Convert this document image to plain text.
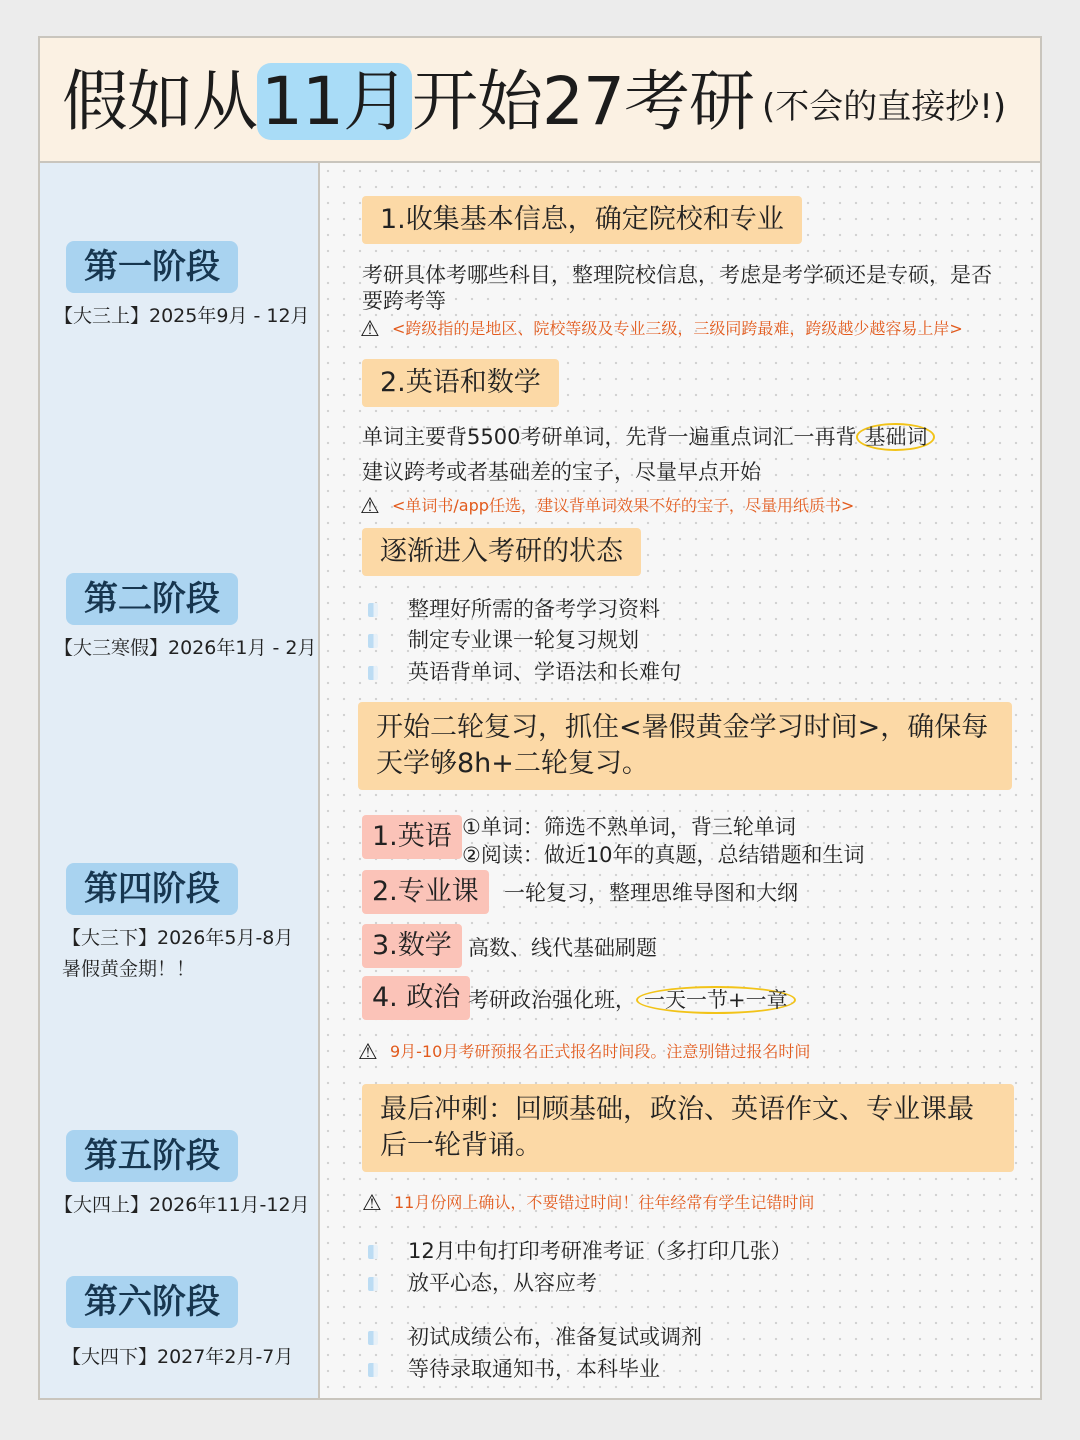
假如从11月开始27考研 (不会的直接抄!)
第一阶段
【大三上】2025年9月 - 12月
第二阶段
【大三寒假】2026年1月 - 2月
第四阶段
【大三下】2026年5月-8月
暑假黄金期！！
第五阶段
【大四上】2026年11月-12月
第六阶段
【大四下】2027年2月-7月
1.收集基本信息，确定院校和专业
考研具体考哪些科目，整理院校信息，考虑是考学硕还是专硕，是否
要跨考等
⚠ <跨级指的是地区、院校等级及专业三级，三级同跨最难，跨级越少越容易上岸>
2.英语和数学
单词主要背5500考研单词，先背一遍重点词汇一再背 基础词
建议跨考或者基础差的宝子，尽量早点开始
⚠ <单词书/app任选，建议背单词效果不好的宝子，尽量用纸质书>
逐渐进入考研的状态
整理好所需的备考学习资料
制定专业课一轮复习规划
英语背单词、学语法和长难句
开始二轮复习，抓住<暑假黄金学习时间>，确保每天学够8h+二轮复习。
1.英语 ①单词：筛选不熟单词，背三轮单词
②阅读：做近10年的真题，总结错题和生词
2.专业课	一轮复习，整理思维导图和大纲
3.数学 高数、线代基础刷题
4. 政治 考研政治强化班， 一天一节+一章
⚠ 9月-10月考研预报名正式报名时间段。注意别错过报名时间
最后冲刺：回顾基础，政治、英语作文、专业课最后一轮背诵。
⚠ 11月份网上确认，不要错过时间！往年经常有学生记错时间
12月中旬打印考研准考证（多打印几张）
放平心态，从容应考
初试成绩公布，准备复试或调剂
等待录取通知书，本科毕业
